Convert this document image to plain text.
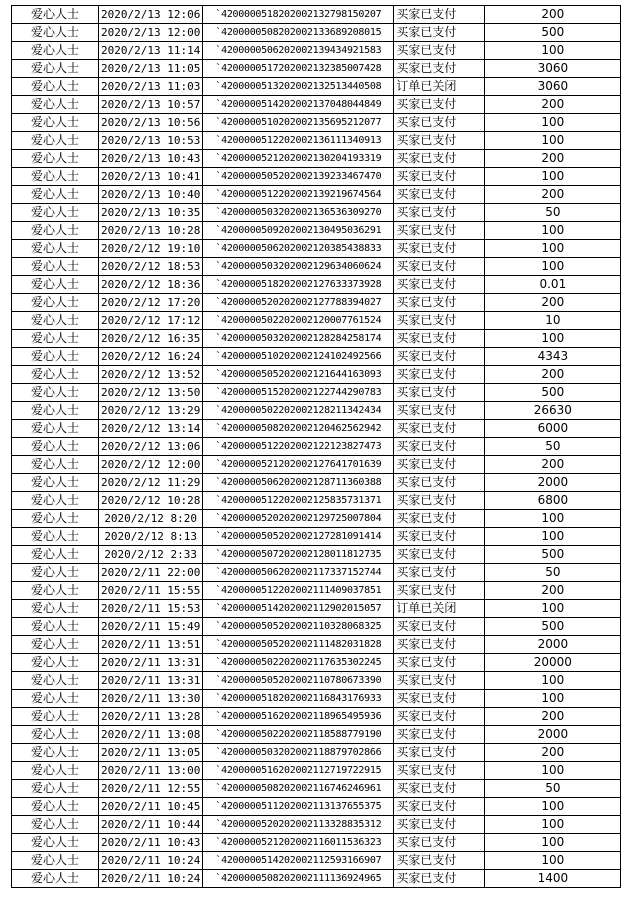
爱心人士	2020/2/13 12:06	`4200000518202002132798150207	买家已支付	200
爱心人士	2020/2/13 12:00	`4200000508202002133689208015	买家已支付	500
爱心人士	2020/2/13 11:14	`4200000506202002139434921583	买家已支付	100
爱心人士	2020/2/13 11:05	`4200000517202002132385007428	买家已支付	3060
爱心人士	2020/2/13 11:03	`4200000513202002132513440508	订单已关闭	3060
爱心人士	2020/2/13 10:57	`4200000514202002137048044849	买家已支付	200
爱心人士	2020/2/13 10:56	`4200000510202002135695212077	买家已支付	100
爱心人士	2020/2/13 10:53	`4200000512202002136111340913	买家已支付	100
爱心人士	2020/2/13 10:43	`4200000521202002130204193319	买家已支付	200
爱心人士	2020/2/13 10:41	`4200000505202002139233467470	买家已支付	100
爱心人士	2020/2/13 10:40	`4200000512202002139219674564	买家已支付	200
爱心人士	2020/2/13 10:35	`4200000503202002136536309270	买家已支付	50
爱心人士	2020/2/13 10:28	`4200000509202002130495036291	买家已支付	100
爱心人士	2020/2/12 19:10	`4200000506202002120385438833	买家已支付	100
爱心人士	2020/2/12 18:53	`4200000503202002129634060624	买家已支付	100
爱心人士	2020/2/12 18:36	`4200000518202002127633373928	买家已支付	0.01
爱心人士	2020/2/12 17:20	`4200000520202002127788394027	买家已支付	200
爱心人士	2020/2/12 17:12	`4200000502202002120007761524	买家已支付	10
爱心人士	2020/2/12 16:35	`4200000503202002128284258174	买家已支付	100
爱心人士	2020/2/12 16:24	`4200000510202002124102492566	买家已支付	4343
爱心人士	2020/2/12 13:52	`4200000505202002121644163093	买家已支付	200
爱心人士	2020/2/12 13:50	`4200000515202002122744290783	买家已支付	500
爱心人士	2020/2/12 13:29	`4200000502202002128211342434	买家已支付	26630
爱心人士	2020/2/12 13:14	`4200000508202002120462562942	买家已支付	6000
爱心人士	2020/2/12 13:06	`4200000512202002122123827473	买家已支付	50
爱心人士	2020/2/12 12:00	`4200000521202002127641701639	买家已支付	200
爱心人士	2020/2/12 11:29	`4200000506202002128711360388	买家已支付	2000
爱心人士	2020/2/12 10:28	`4200000512202002125835731371	买家已支付	6800
爱心人士	2020/2/12 8:20	`4200000520202002129725007804	买家已支付	100
爱心人士	2020/2/12 8:13	`4200000505202002127281091414	买家已支付	100
爱心人士	2020/2/12 2:33	`4200000507202002128011812735	买家已支付	500
爱心人士	2020/2/11 22:00	`4200000506202002117337152744	买家已支付	50
爱心人士	2020/2/11 15:55	`4200000512202002111409037851	买家已支付	200
爱心人士	2020/2/11 15:53	`4200000514202002112902015057	订单已关闭	100
爱心人士	2020/2/11 15:49	`4200000505202002110328068325	买家已支付	500
爱心人士	2020/2/11 13:51	`4200000505202002111482031828	买家已支付	2000
爱心人士	2020/2/11 13:31	`4200000502202002117635302245	买家已支付	20000
爱心人士	2020/2/11 13:31	`4200000505202002110780673390	买家已支付	100
爱心人士	2020/2/11 13:30	`4200000518202002116843176933	买家已支付	100
爱心人士	2020/2/11 13:28	`4200000516202002118965495936	买家已支付	200
爱心人士	2020/2/11 13:08	`4200000502202002118588779190	买家已支付	2000
爱心人士	2020/2/11 13:05	`4200000503202002118879702866	买家已支付	200
爱心人士	2020/2/11 13:00	`4200000516202002112719722915	买家已支付	100
爱心人士	2020/2/11 12:55	`4200000508202002116746246961	买家已支付	50
爱心人士	2020/2/11 10:45	`4200000511202002113137655375	买家已支付	100
爱心人士	2020/2/11 10:44	`4200000520202002113328835312	买家已支付	100
爱心人士	2020/2/11 10:43	`4200000521202002116011536323	买家已支付	100
爱心人士	2020/2/11 10:24	`4200000514202002112593166907	买家已支付	100
爱心人士	2020/2/11 10:24	`4200000508202002111136924965	买家已支付	1400
